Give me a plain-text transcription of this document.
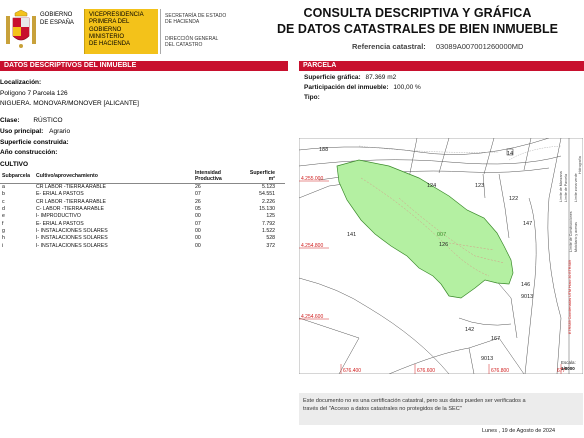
GOBIERNO
DE ESPAÑA
VICEPRESIDENCIA
PRIMERA DEL GOBIERNO
MINISTERIO
DE HACIENDA
SECRETARÍA DE ESTADO
DE HACIENDA
DIRECCIÓN GENERAL
DEL CATASTRO
CONSULTA DESCRIPTIVA Y GRÁFICA
DE DATOS CATASTRALES DE BIEN INMUEBLE
Referencia catastral: 03089A007001260000MD
DATOS DESCRIPTIVOS DEL INMUEBLE
Localización:
Polígono 7 Parcela 126
NIGUERA. MONOVAR/MONOVER [ALICANTE]
Clase: RÚSTICO
Uso principal: Agrario
Superficie construida:
Año construcción:
CULTIVO
Subparcela	Cultivo/aprovechamiento	Intensidad Productiva	Superficie m²
a	CR LABOR -TIERRA ARABLE	26	5.123
b	E- ERIAL A PASTOS	07	54.551
c	CR LABOR -TIERRA ARABLE	26	2.226
d	C- LABOR -TIERRA ARABLE	05	15.130
e	I- IMPRODUCTIVO	00	125
f	E- ERIAL A PASTOS	07	7.792
g	I- INSTALACIONES SOLARES	00	1.522
h	I- INSTALACIONES SOLARES	00	528
i	I- INSTALACIONES SOLARES	00	372
PARCELA
Superficie gráfica: 87.369 m2
Participación del inmueble: 100,00 %
Tipo:
4.255.000
4.254.800
4.254.600
676.400	676.600	676.800	677
188
124	123
122
147
141
126
007
146
9013
142
167
9013
14
Límite de Manzana Límite de Parcela
Límite de Construcciones Mobiliario y aceras
Límite zona verde
Hidrografía
ETRS89 Coordenadas UTM Huso 30 ETRS89
Escala:
1/8000
Este documento no es una certificación catastral, pero sus datos pueden ser verificados a
través del "Acceso a datos catastrales no protegidos de la SEC"
Lunes , 19 de Agosto de 2024
